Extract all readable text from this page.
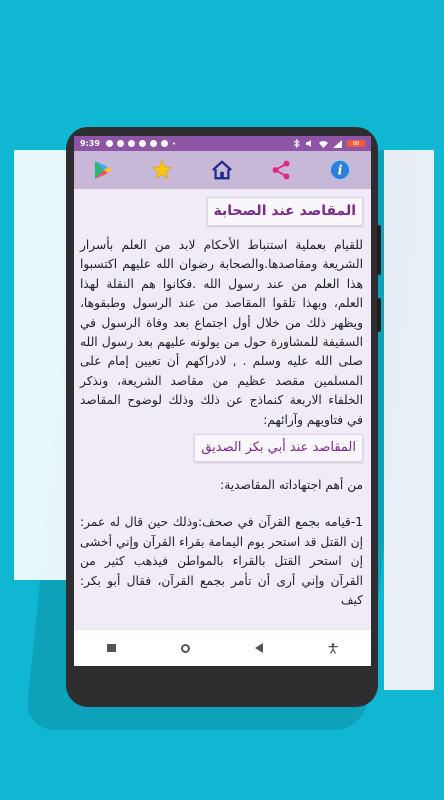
9:39	•	68
i
المقاصد عند الصحابة

للقيام بعملية استنباط الأحكام لابد من العلم بأسرار الشريعة ومقاصدها.والصحابة رضوان الله عليهم اكتسبوا هذا العلم من عند رسول الله .فكانوا هم النقلة لهذا العلم، وبهذا تلقوا المقاصد من عند الرسول وطبقوها، ويظهر ذلك من خلال أول اجتماع بعد وفاة الرسول في السقيفة للمشاورة حول من يولونه عليهم بعد رسول الله صلى الله عليه وسلم . , لادراكهم أن تعيين إمام على المسلمين مقصد عظيم من مقاصد الشريعة، ونذكر الخلفاء الاربعة كنماذج عن ذلك وذلك لوضوح المقاصد في فتاويهم وآرائهم:

المقاصد عند أبي بكر الصديق

من أهم اجتهاداته المقاصدية:

1-قيامه بجمع القرآن في صحف:وذلك حين قال له عمر: إن القتل قد استحر يوم اليمامة بقراء القرآن وإني أخشى إن استحر القتل بالقراء بالمواطن فيذهب كثير من القرآن وإني أرى أن تأمر بجمع القرآن، فقال أبو بكر: كيف
